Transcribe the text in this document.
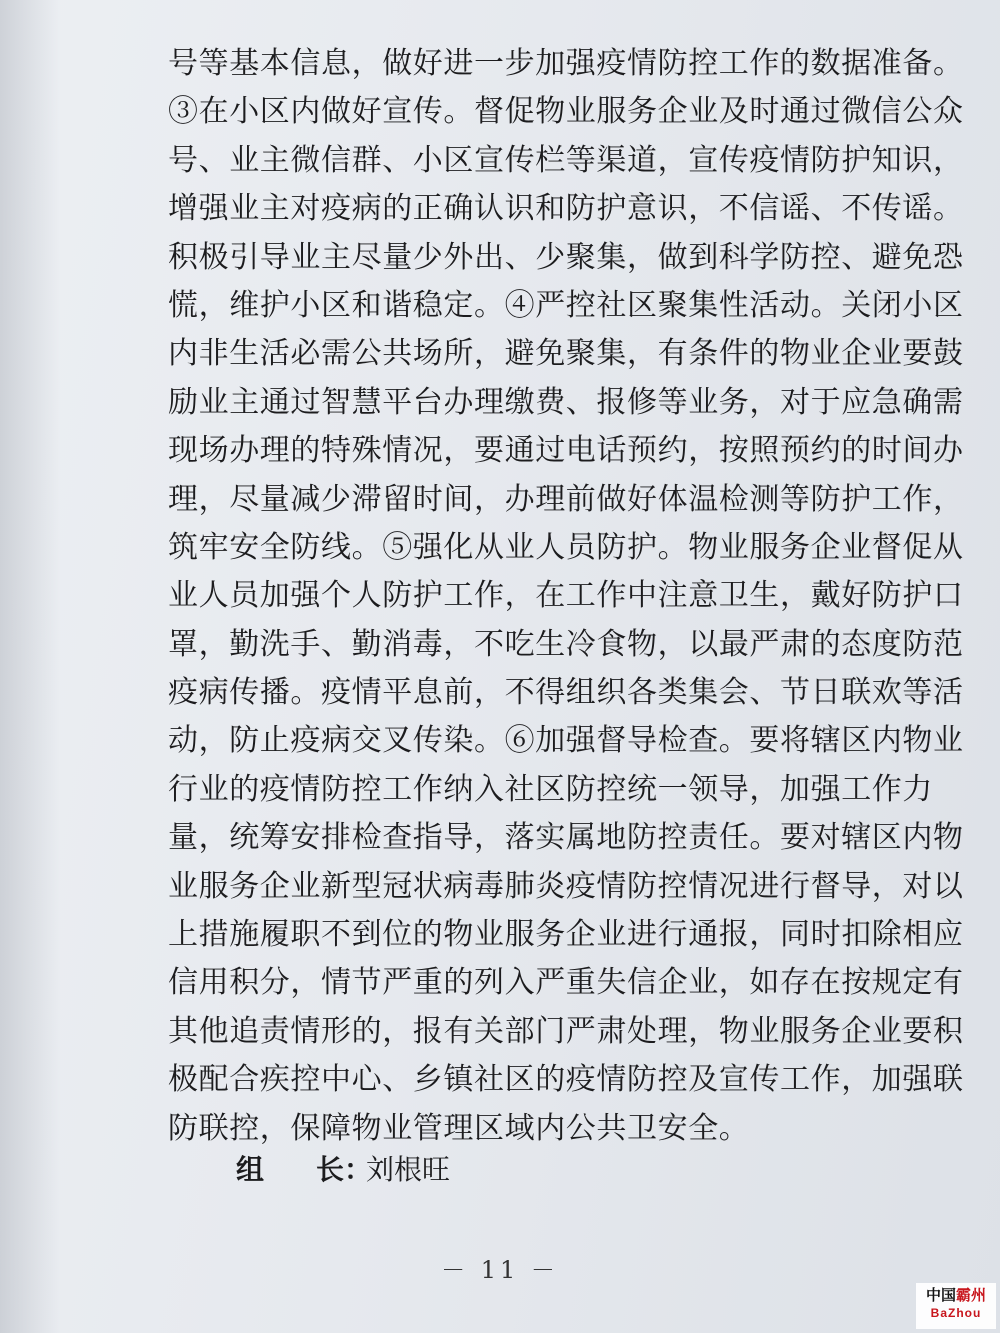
号等基本信息，做好进一步加强疫情防控工作的数据准备。
③在小区内做好宣传。督促物业服务企业及时通过微信公众
号、业主微信群、小区宣传栏等渠道，宣传疫情防护知识，
增强业主对疫病的正确认识和防护意识，不信谣、不传谣。
积极引导业主尽量少外出、少聚集，做到科学防控、避免恐
慌，维护小区和谐稳定。④严控社区聚集性活动。关闭小区
内非生活必需公共场所，避免聚集，有条件的物业企业要鼓
励业主通过智慧平台办理缴费、报修等业务，对于应急确需
现场办理的特殊情况，要通过电话预约，按照预约的时间办
理，尽量减少滞留时间，办理前做好体温检测等防护工作，
筑牢安全防线。⑤强化从业人员防护。物业服务企业督促从
业人员加强个人防护工作，在工作中注意卫生，戴好防护口
罩，勤洗手、勤消毒，不吃生冷食物，以最严肃的态度防范
疫病传播。疫情平息前，不得组织各类集会、节日联欢等活
动，防止疫病交叉传染。⑥加强督导检查。要将辖区内物业
行业的疫情防控工作纳入社区防控统一领导，加强工作力
量，统筹安排检查指导，落实属地防控责任。要对辖区内物
业服务企业新型冠状病毒肺炎疫情防控情况进行督导，对以
上措施履职不到位的物业服务企业进行通报，同时扣除相应
信用积分，情节严重的列入严重失信企业，如存在按规定有
其他追责情形的，报有关部门严肃处理，物业服务企业要积
极配合疾控中心、乡镇社区的疫情防控及宣传工作，加强联
防联控，保障物业管理区域内公共卫安全。
组 长：刘根旺
－ 11 －
中国霸州
BaZhou
